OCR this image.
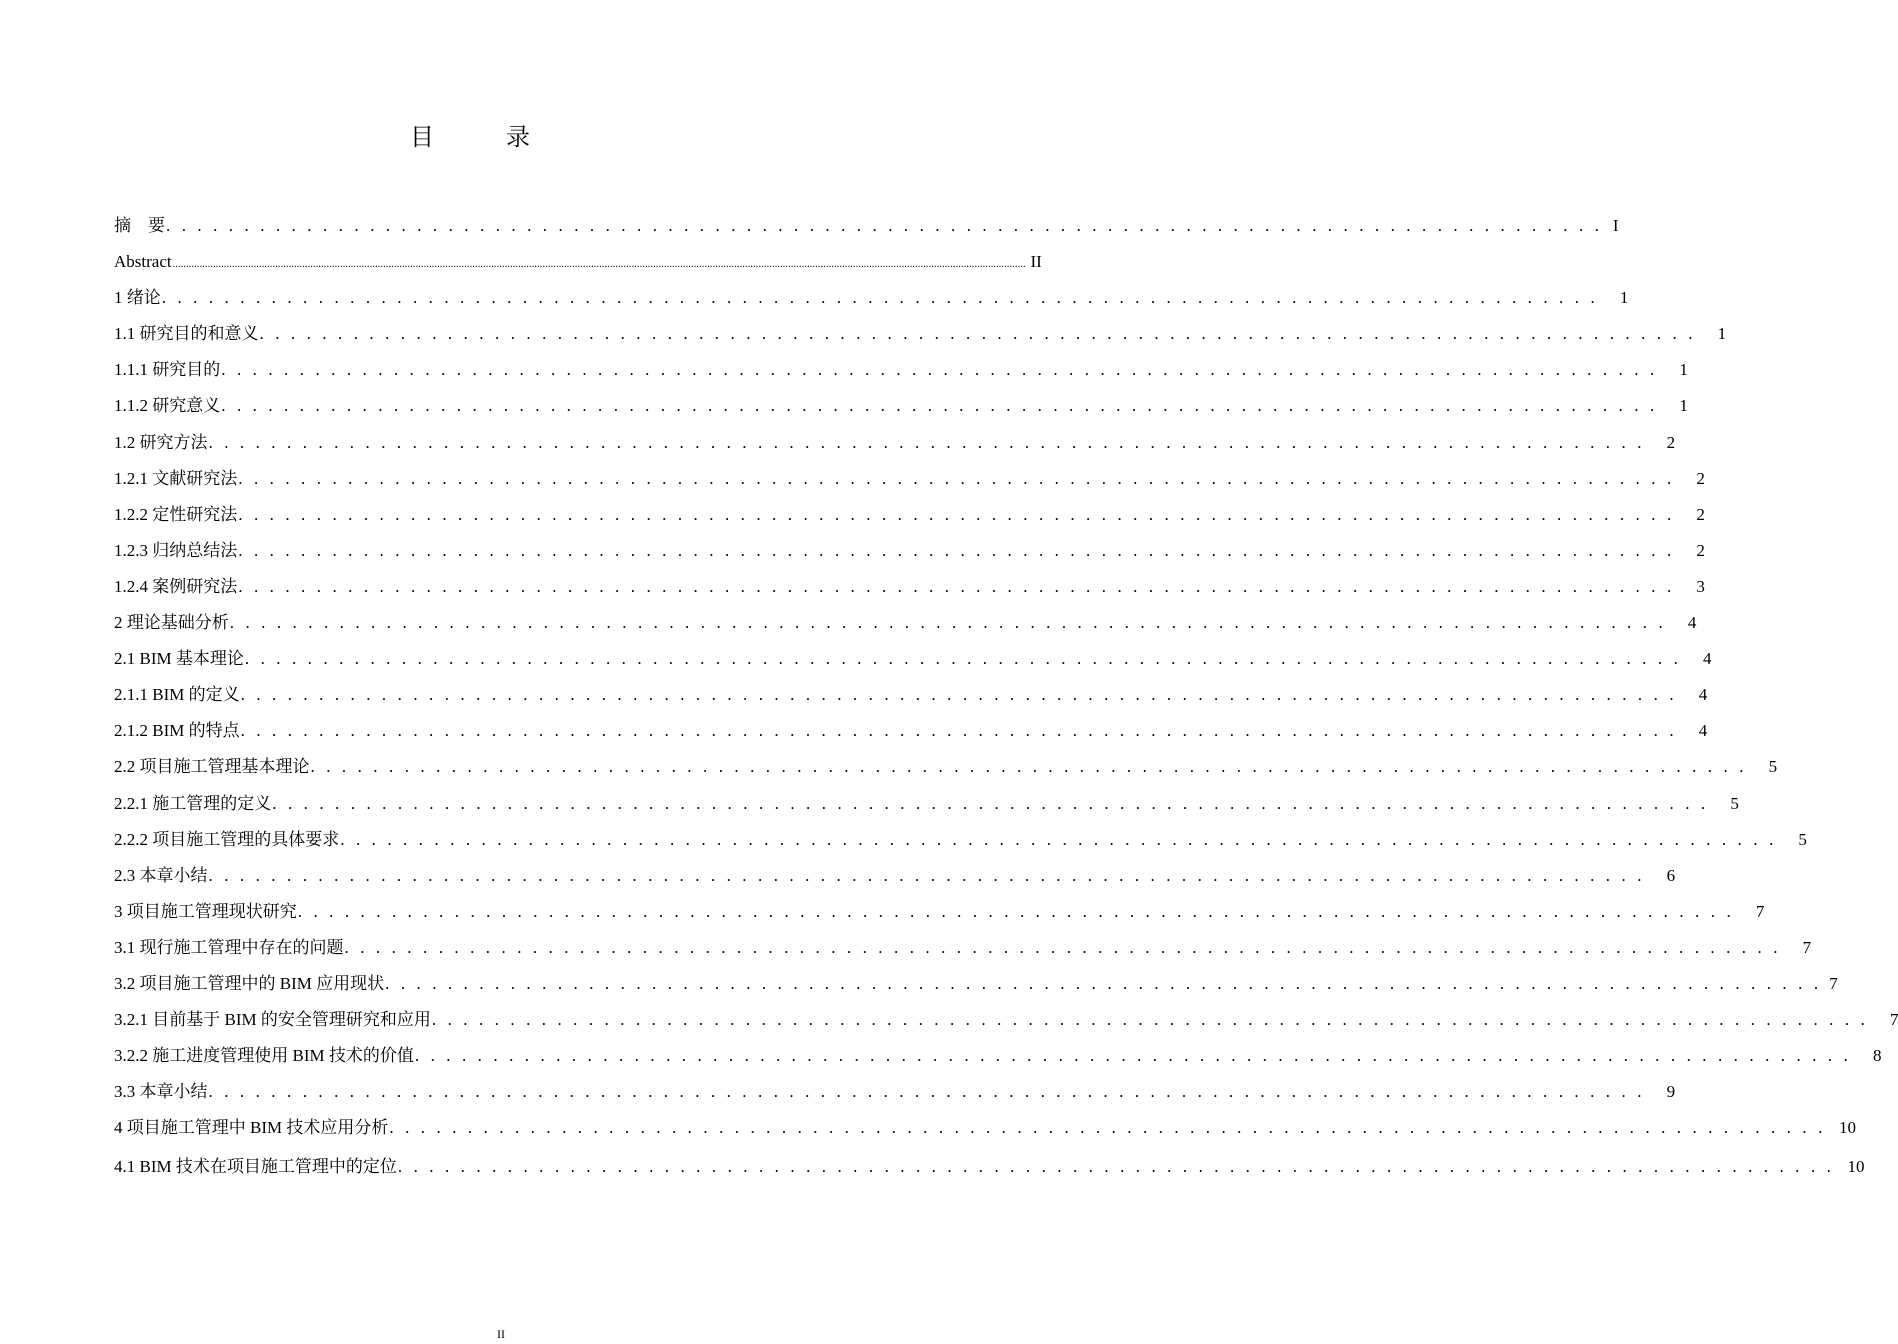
目　录
摘　要 . . . . . . . . . . . . . . . . . . . . . . . . . . . . . . . . . . . . . . . . . . . . . . . . . . . . . . . . . . . . . . . . . . . . . . . . . . . . . . . . . . . . . . . . . . . . I
Abstract ............................................................................................................................................................................................................................................................................................................................ II
1 绪论 . . . . . . . . . . . . . . . . . . . . . . . . . . . . . . . . . . . . . . . . . . . . . . . . . . . . . . . . . . . . . . . . . . . . . . . . . . . . . . . . . . . . . . . . . . . .	1
1.1 研究目的和意义 . . . . . . . . . . . . . . . . . . . . . . . . . . . . . . . . . . . . . . . . . . . . . . . . . . . . . . . . . . . . . . . . . . . . . . . . . . . . . . . . . . . . . . . . . . . .	1
1.1.1 研究目的 . . . . . . . . . . . . . . . . . . . . . . . . . . . . . . . . . . . . . . . . . . . . . . . . . . . . . . . . . . . . . . . . . . . . . . . . . . . . . . . . . . . . . . . . . . . .	1
1.1.2 研究意义 . . . . . . . . . . . . . . . . . . . . . . . . . . . . . . . . . . . . . . . . . . . . . . . . . . . . . . . . . . . . . . . . . . . . . . . . . . . . . . . . . . . . . . . . . . . .	1
1.2 研究方法 . . . . . . . . . . . . . . . . . . . . . . . . . . . . . . . . . . . . . . . . . . . . . . . . . . . . . . . . . . . . . . . . . . . . . . . . . . . . . . . . . . . . . . . . . . . .	2
1.2.1 文献研究法 . . . . . . . . . . . . . . . . . . . . . . . . . . . . . . . . . . . . . . . . . . . . . . . . . . . . . . . . . . . . . . . . . . . . . . . . . . . . . . . . . . . . . . . . . . . .	2
1.2.2 定性研究法 . . . . . . . . . . . . . . . . . . . . . . . . . . . . . . . . . . . . . . . . . . . . . . . . . . . . . . . . . . . . . . . . . . . . . . . . . . . . . . . . . . . . . . . . . . . .	2
1.2.3 归纳总结法 . . . . . . . . . . . . . . . . . . . . . . . . . . . . . . . . . . . . . . . . . . . . . . . . . . . . . . . . . . . . . . . . . . . . . . . . . . . . . . . . . . . . . . . . . . . .	2
1.2.4 案例研究法 . . . . . . . . . . . . . . . . . . . . . . . . . . . . . . . . . . . . . . . . . . . . . . . . . . . . . . . . . . . . . . . . . . . . . . . . . . . . . . . . . . . . . . . . . . . .	3
2 理论基础分析 . . . . . . . . . . . . . . . . . . . . . . . . . . . . . . . . . . . . . . . . . . . . . . . . . . . . . . . . . . . . . . . . . . . . . . . . . . . . . . . . . . . . . . . . . . . .	4
2.1 BIM 基本理论 . . . . . . . . . . . . . . . . . . . . . . . . . . . . . . . . . . . . . . . . . . . . . . . . . . . . . . . . . . . . . . . . . . . . . . . . . . . . . . . . . . . . . . . . . . . .	4
2.1.1 BIM 的定义 . . . . . . . . . . . . . . . . . . . . . . . . . . . . . . . . . . . . . . . . . . . . . . . . . . . . . . . . . . . . . . . . . . . . . . . . . . . . . . . . . . . . . . . . . . . .	4
2.1.2 BIM 的特点 . . . . . . . . . . . . . . . . . . . . . . . . . . . . . . . . . . . . . . . . . . . . . . . . . . . . . . . . . . . . . . . . . . . . . . . . . . . . . . . . . . . . . . . . . . . .	4
2.2 项目施工管理基本理论 . . . . . . . . . . . . . . . . . . . . . . . . . . . . . . . . . . . . . . . . . . . . . . . . . . . . . . . . . . . . . . . . . . . . . . . . . . . . . . . . . . . . . . . . . . . .	5
2.2.1 施工管理的定义 . . . . . . . . . . . . . . . . . . . . . . . . . . . . . . . . . . . . . . . . . . . . . . . . . . . . . . . . . . . . . . . . . . . . . . . . . . . . . . . . . . . . . . . . . . . .	5
2.2.2 项目施工管理的具体要求 . . . . . . . . . . . . . . . . . . . . . . . . . . . . . . . . . . . . . . . . . . . . . . . . . . . . . . . . . . . . . . . . . . . . . . . . . . . . . . . . . . . . . . . . . . . .	5
2.3 本章小结 . . . . . . . . . . . . . . . . . . . . . . . . . . . . . . . . . . . . . . . . . . . . . . . . . . . . . . . . . . . . . . . . . . . . . . . . . . . . . . . . . . . . . . . . . . . .	6
3 项目施工管理现状研究 . . . . . . . . . . . . . . . . . . . . . . . . . . . . . . . . . . . . . . . . . . . . . . . . . . . . . . . . . . . . . . . . . . . . . . . . . . . . . . . . . . . . . . . . . . . .	7
3.1 现行施工管理中存在的问题 . . . . . . . . . . . . . . . . . . . . . . . . . . . . . . . . . . . . . . . . . . . . . . . . . . . . . . . . . . . . . . . . . . . . . . . . . . . . . . . . . . . . . . . . . . . .	7
3.2 项目施工管理中的 BIM 应用现状 . . . . . . . . . . . . . . . . . . . . . . . . . . . . . . . . . . . . . . . . . . . . . . . . . . . . . . . . . . . . . . . . . . . . . . . . . . . . . . . . . . . . . . . . . . . . 7
3.2.1 目前基于 BIM 的安全管理研究和应用 . . . . . . . . . . . . . . . . . . . . . . . . . . . . . . . . . . . . . . . . . . . . . . . . . . . . . . . . . . . . . . . . . . . . . . . . . . . . . . . . . . . . . . . . . . . .	7
3.2.2 施工进度管理使用 BIM 技术的价值 . . . . . . . . . . . . . . . . . . . . . . . . . . . . . . . . . . . . . . . . . . . . . . . . . . . . . . . . . . . . . . . . . . . . . . . . . . . . . . . . . . . . . . . . . . . .	8
3.3 本章小结 . . . . . . . . . . . . . . . . . . . . . . . . . . . . . . . . . . . . . . . . . . . . . . . . . . . . . . . . . . . . . . . . . . . . . . . . . . . . . . . . . . . . . . . . . . . .	9
4 项目施工管理中 BIM 技术应用分析 . . . . . . . . . . . . . . . . . . . . . . . . . . . . . . . . . . . . . . . . . . . . . . . . . . . . . . . . . . . . . . . . . . . . . . . . . . . . . . . . . . . . . . . . . . . . 10
4.1 BIM 技术在项目施工管理中的定位 . . . . . . . . . . . . . . . . . . . . . . . . . . . . . . . . . . . . . . . . . . . . . . . . . . . . . . . . . . . . . . . . . . . . . . . . . . . . . . . . . . . . . . . . . . . . 10
II
